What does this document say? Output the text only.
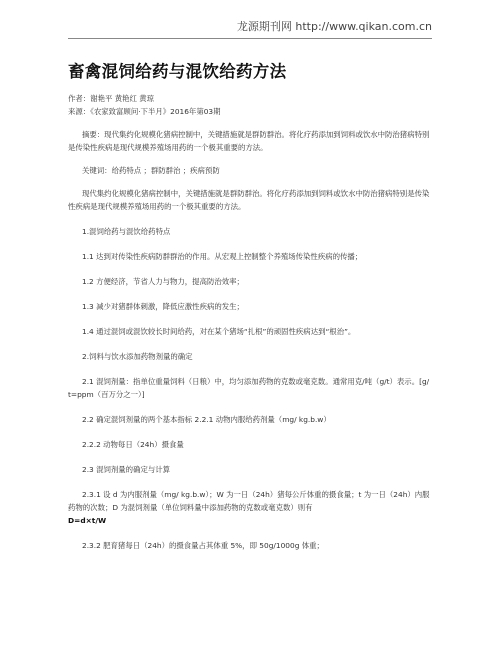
龙源期刊网 http://www.qikan.com.cn
畜禽混饲给药与混饮给药方法
作者：谢艳平 黄艳红 黄琼
来源：《农家致富顾问·下半月》2016年第03期

摘要：现代集约化规模化猪病控制中，关键措施就是群防群治。将化疗药添加到饲料或饮水中防治猪病特别是传染性疾病是现代规模养殖场用药的一个极其重要的方法。

关键词：给药特点 ；群防群治 ；疾病预防

现代集约化规模化猪病控制中，关键措施就是群防群治。将化疗药添加到饲料或饮水中防治猪病特别是传染性疾病是现代规模养殖场用药的一个极其重要的方法。

1.混饲给药与混饮给药特点

1.1 达到对传染性疾病防群群治的作用。从宏观上控制整个养殖场传染性疾病的传播；

1.2 方便经济，节省人力与物力，提高防治效率；

1.3 减少对猪群体刺激，降低应激性疾病的发生；

1.4 通过混饲或混饮较长时间给药，对在某个猪场“扎根”的顽固性疾病达到“根治”。

2.饲料与饮水添加药物剂量的确定

2.1 混饲剂量：指单位重量饲料（日粮）中，均匀添加药物的克数或毫克数。通常用克/吨（g/t）表示。[g/t=ppm（百万分之一）]

2.2 确定混饲剂量的两个基本指标 2.2.1 动物内服给药剂量（mg/ kg.b.w）

2.2.2 动物每日（24h）摄食量

2.3 混饲剂量的确定与计算

2.3.1 设 d 为内服剂量（mg/ kg.b.w）；W 为一日（24h）猪每公斤体重的摄食量；t 为一日（24h）内服药物的次数；D 为混饲剂量（单位饲料量中添加药物的克数或毫克数）则有

D=d×t/W

2.3.2 肥育猪每日（24h）的摄食量占其体重 5%，即 50g/1000g 体重；
